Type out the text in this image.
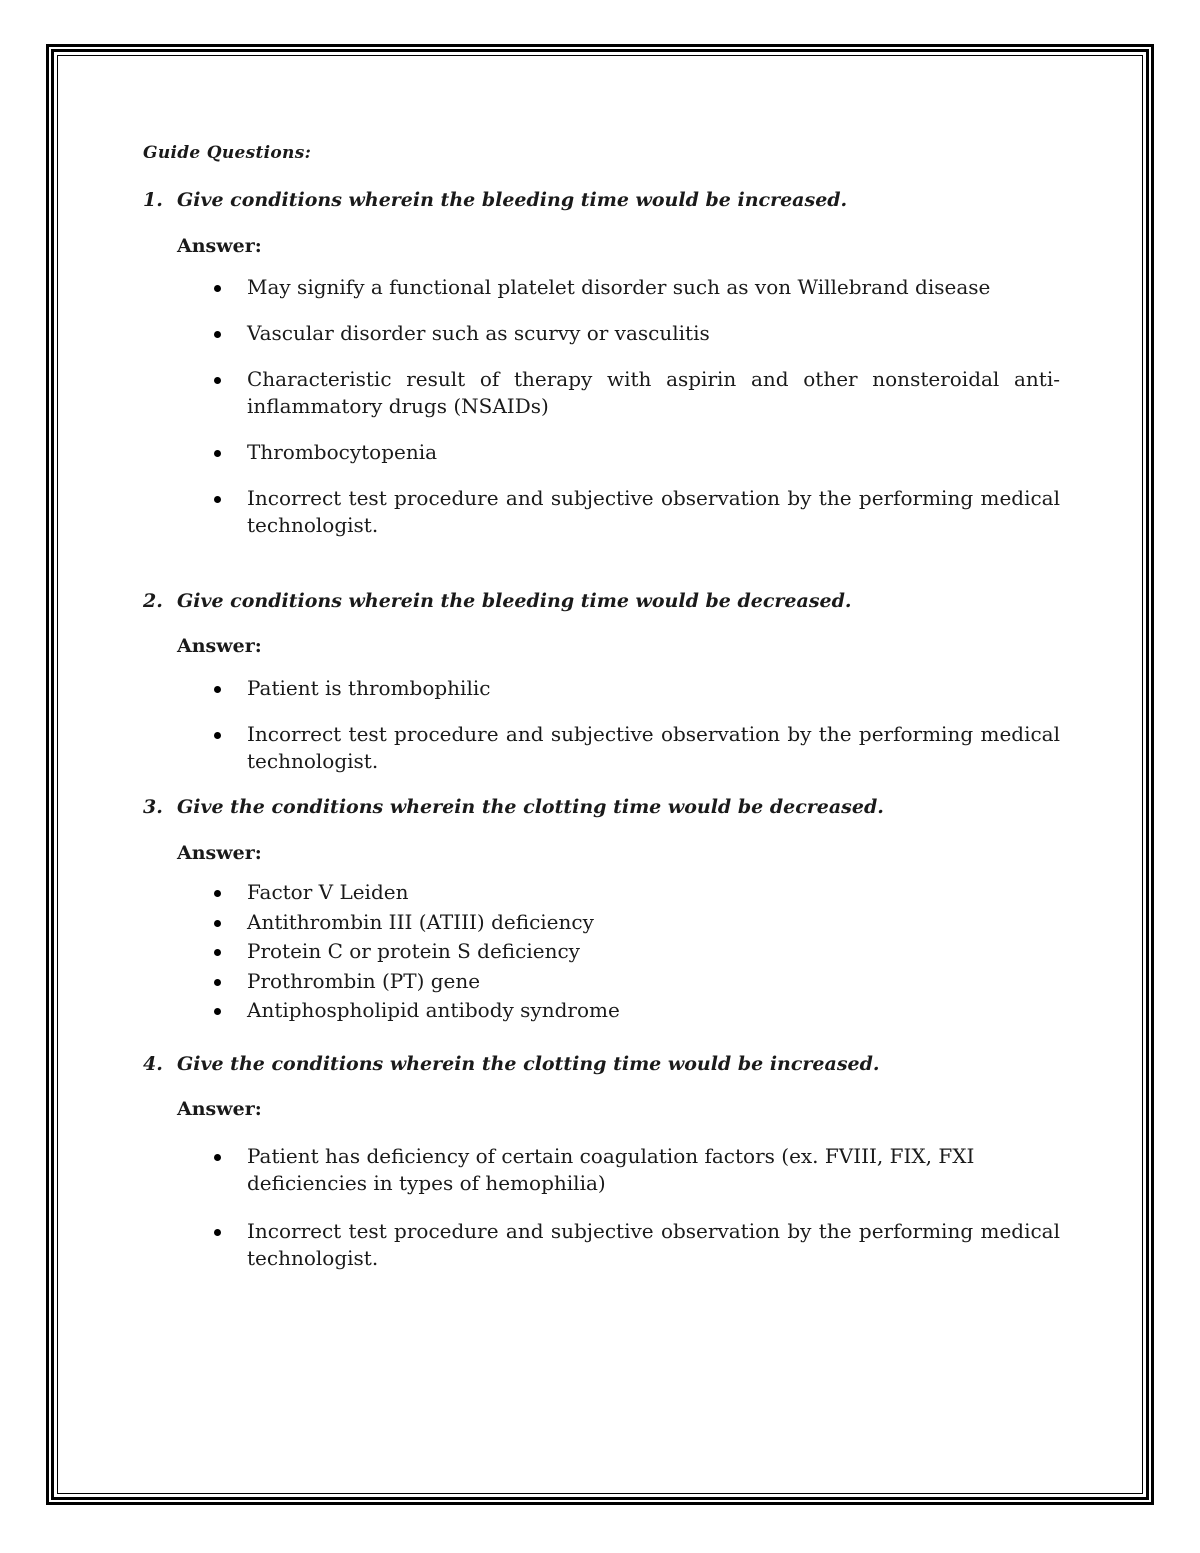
Guide Questions:
1. Give conditions wherein the bleeding time would be increased.
Answer:
May signify a functional platelet disorder such as von Willebrand disease
Vascular disorder such as scurvy or vasculitis
Characteristic result of therapy with aspirin and other nonsteroidal anti-inflammatory drugs (NSAIDs)
Thrombocytopenia
Incorrect test procedure and subjective observation by the performing medical technologist.
2. Give conditions wherein the bleeding time would be decreased.
Answer:
Patient is thrombophilic
Incorrect test procedure and subjective observation by the performing medical technologist.
3. Give the conditions wherein the clotting time would be decreased.
Answer:
Factor V Leiden
Antithrombin III (ATIII) deficiency
Protein C or protein S deficiency
Prothrombin (PT) gene
Antiphospholipid antibody syndrome
4. Give the conditions wherein the clotting time would be increased.
Answer:
Patient has deficiency of certain coagulation factors (ex. FVIII, FIX, FXI deficiencies in types of hemophilia)
Incorrect test procedure and subjective observation by the performing medical technologist.
